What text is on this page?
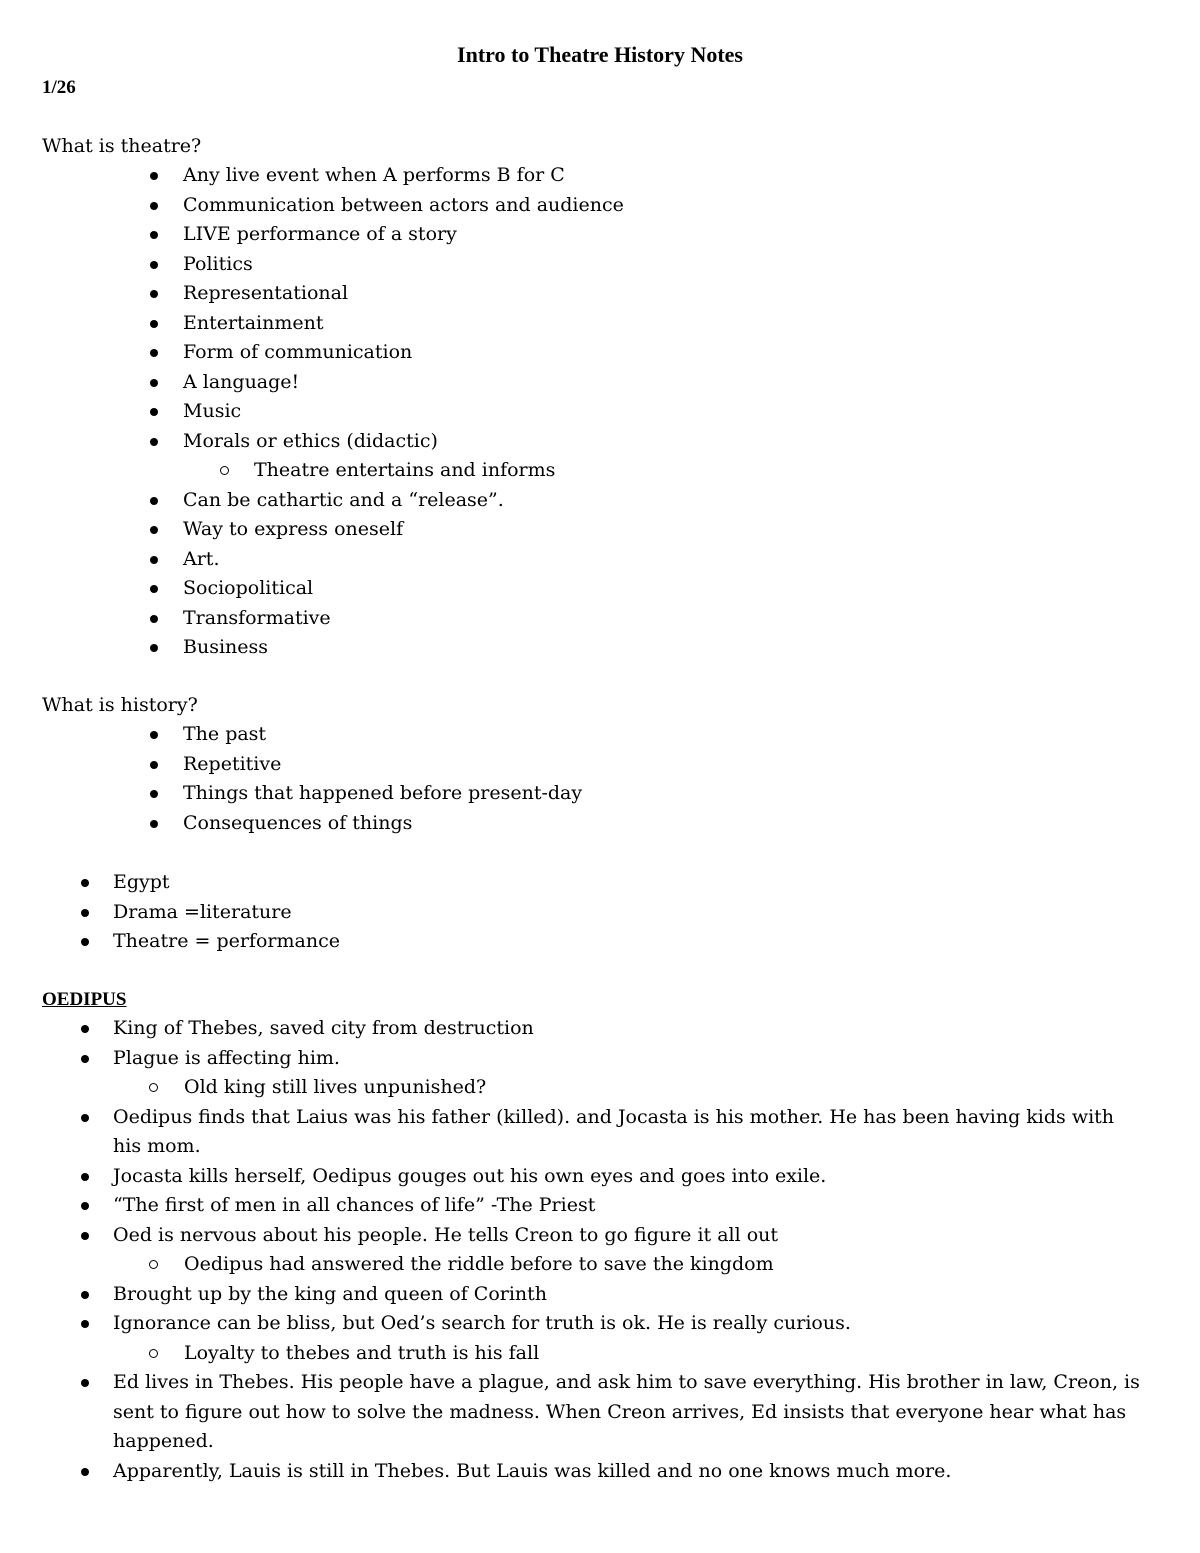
Intro to Theatre History Notes
1/26
What is theatre?
Any live event when A performs B for C
Communication between actors and audience
LIVE performance of a story
Politics
Representational
Entertainment
Form of communication
A language!
Music
Morals or ethics (didactic)
Theatre entertains and informs
Can be cathartic and a “release”.
Way to express oneself
Art.
Sociopolitical
Transformative
Business
What is history?
The past
Repetitive
Things that happened before present-day
Consequences of things
Egypt
Drama =literature
Theatre = performance
OEDIPUS
King of Thebes, saved city from destruction
Plague is affecting him.
Old king still lives unpunished?
Oedipus finds that Laius was his father (killed). and Jocasta is his mother. He has been having kids with his mom.
Jocasta kills herself, Oedipus gouges out his own eyes and goes into exile.
“The first of men in all chances of life” -The Priest
Oed is nervous about his people. He tells Creon to go figure it all out
Oedipus had answered the riddle before to save the kingdom
Brought up by the king and queen of Corinth
Ignorance can be bliss, but Oed’s search for truth is ok. He is really curious.
Loyalty to thebes and truth is his fall
Ed lives in Thebes. His people have a plague, and ask him to save everything. His brother in law, Creon, is sent to figure out how to solve the madness. When Creon arrives, Ed insists that everyone hear what has happened.
Apparently, Lauis is still in Thebes. But Lauis was killed and no one knows much more.
